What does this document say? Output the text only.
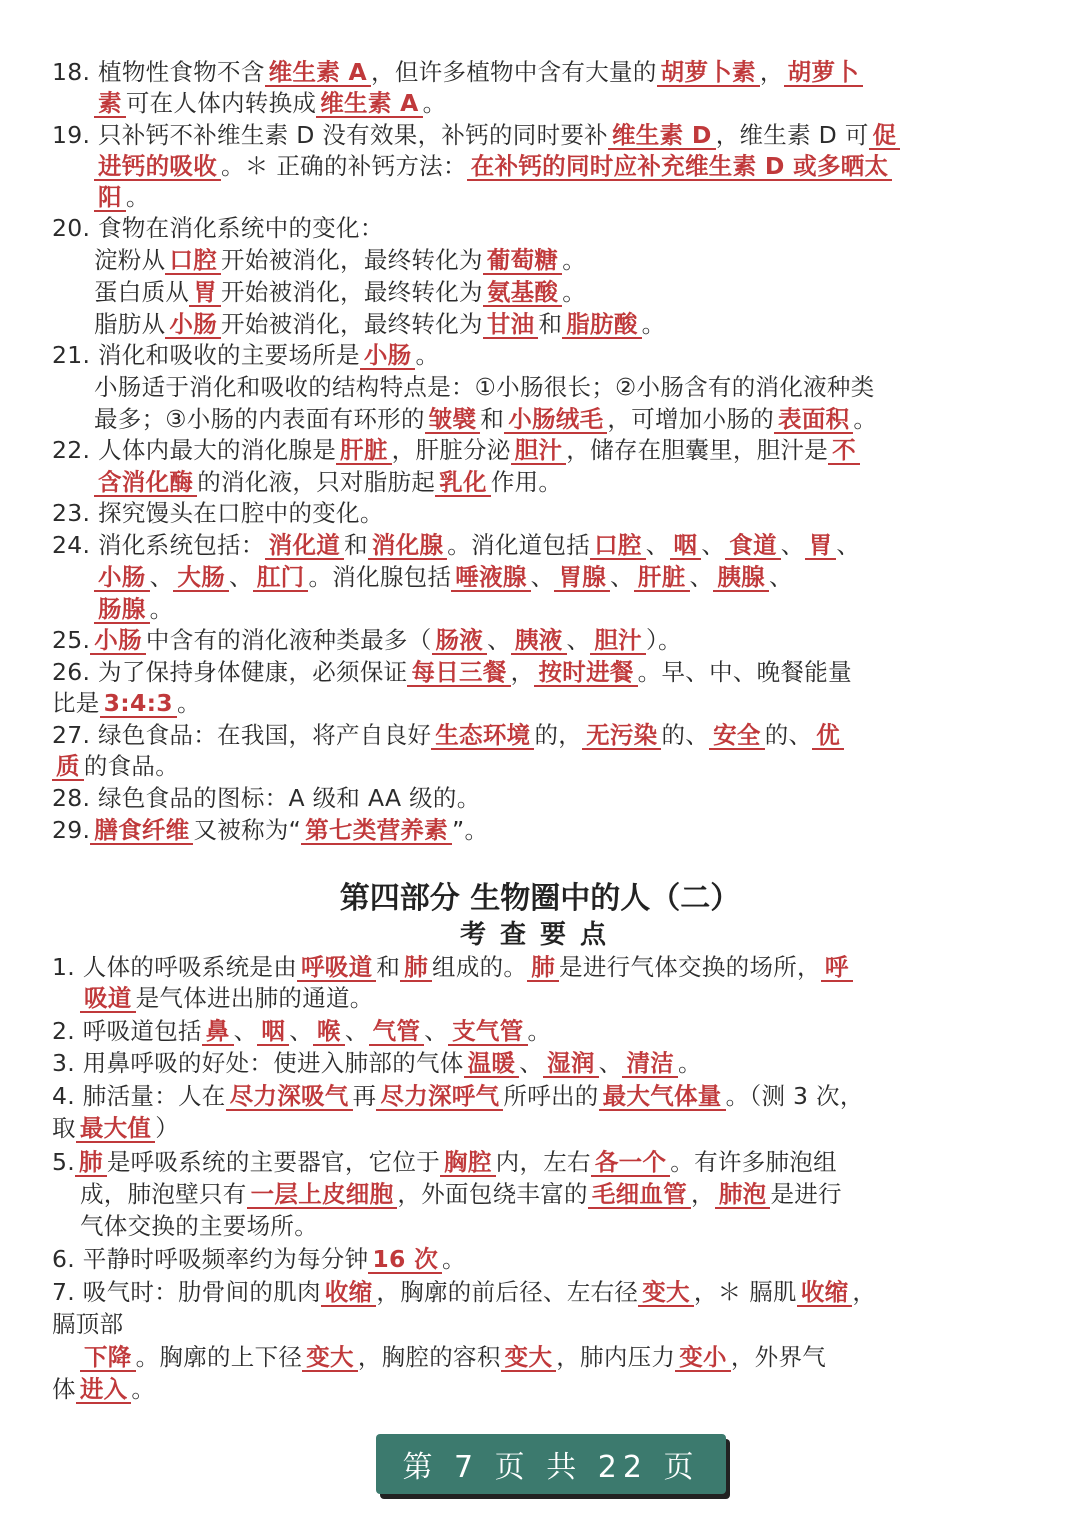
18. 植物性食物不含 维生素 A ，但许多植物中含有大量的 胡萝卜素 ， 胡萝卜
素 可在人体内转换成 维生素 A 。
19. 只补钙不补维生素 D 没有效果，补钙的同时要补 维生素 D ，维生素 D 可 促
进钙的吸收 。＊ 正确的补钙方法： 在补钙的同时应补充维生素 D 或多晒太
阳 。
20. 食物在消化系统中的变化：
淀粉从 口腔 开始被消化，最终转化为 葡萄糖 。
蛋白质从 胃 开始被消化，最终转化为 氨基酸 。
脂肪从 小肠 开始被消化，最终转化为 甘油 和 脂肪酸 。
21. 消化和吸收的主要场所是 小肠 。
小肠适于消化和吸收的结构特点是：①小肠很长；②小肠含有的消化液种类
最多；③小肠的内表面有环形的 皱襞 和 小肠绒毛 ，可增加小肠的 表面积 。
22. 人体内最大的消化腺是 肝脏 ，肝脏分泌 胆汁 ，储存在胆囊里，胆汁是 不
含消化酶 的消化液，只对脂肪起 乳化 作用。
23. 探究馒头在口腔中的变化。
24. 消化系统包括： 消化道 和 消化腺 。消化道包括 口腔 、 咽 、 食道 、 胃 、
小肠 、 大肠 、 肛门 。消化腺包括 唾液腺 、 胃腺 、 肝脏 、 胰腺 、
肠腺 。
25. 小肠 中含有的消化液种类最多（ 肠液 、 胰液 、 胆汁 ）。
26. 为了保持身体健康，必须保证 每日三餐 ， 按时进餐 。早、中、晚餐能量
比是 3:4:3 。
27. 绿色食品：在我国，将产自良好 生态环境 的， 无污染 的、 安全 的、 优
质 的食品。
28. 绿色食品的图标：A 级和 AA 级的。
29. 膳食纤维 又被称为“ 第七类营养素 ”。
第四部分 生物圈中的人（二）
考查要点
1. 人体的呼吸系统是由 呼吸道 和 肺 组成的。 肺 是进行气体交换的场所， 呼
吸道 是气体进出肺的通道。
2. 呼吸道包括 鼻 、 咽 、 喉 、 气管 、 支气管 。
3. 用鼻呼吸的好处：使进入肺部的气体 温暖 、 湿润 、 清洁 。
4. 肺活量：人在 尽力深吸气 再 尽力深呼气 所呼出的 最大气体量 。（测 3 次，
取 最大值 ）
5. 肺 是呼吸系统的主要器官，它位于 胸腔 内，左右 各一个 。有许多肺泡组
成，肺泡壁只有 一层上皮细胞 ，外面包绕丰富的 毛细血管 ， 肺泡 是进行
气体交换的主要场所。
6. 平静时呼吸频率约为每分钟 16 次 。
7. 吸气时：肋骨间的肌肉 收缩 ，胸廓的前后径、左右径 变大 ，＊ 膈肌 收缩 ，
膈顶部
下降 。胸廓的上下径 变大 ，胸腔的容积 变大 ，肺内压力 变小 ，外界气
体 进入 。
第 7 页 共 22 页
